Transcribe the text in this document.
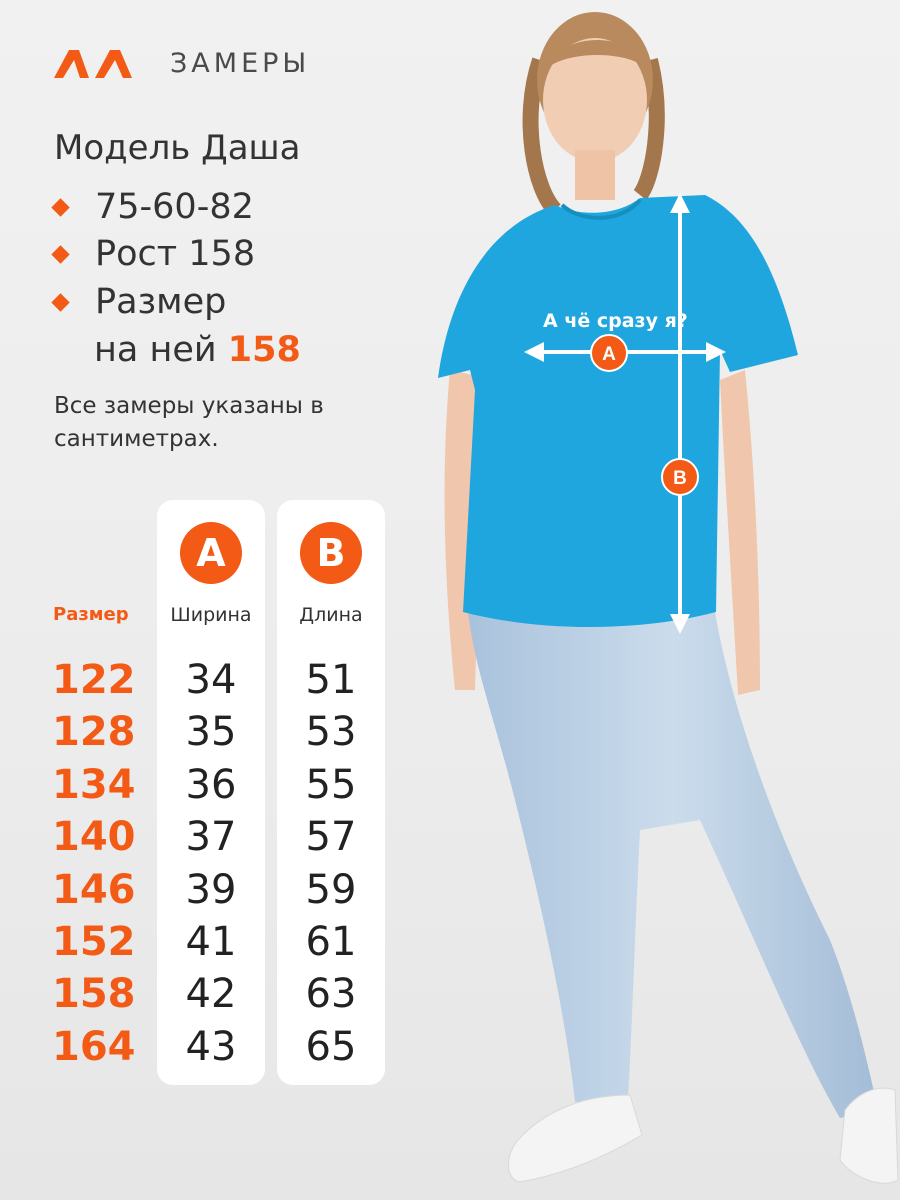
ЗАМЕРЫ
Модель Даша
75-60-82
Рост 158
Размер
на ней 158
Все замеры указаны в сантиметрах.
Размер
122
128
134
140
146
152
158
164
A
Ширина
34
35
36
37
39
41
42
43
B
Длина
51
53
55
57
59
61
63
65
A
B
А чё сразу я?
